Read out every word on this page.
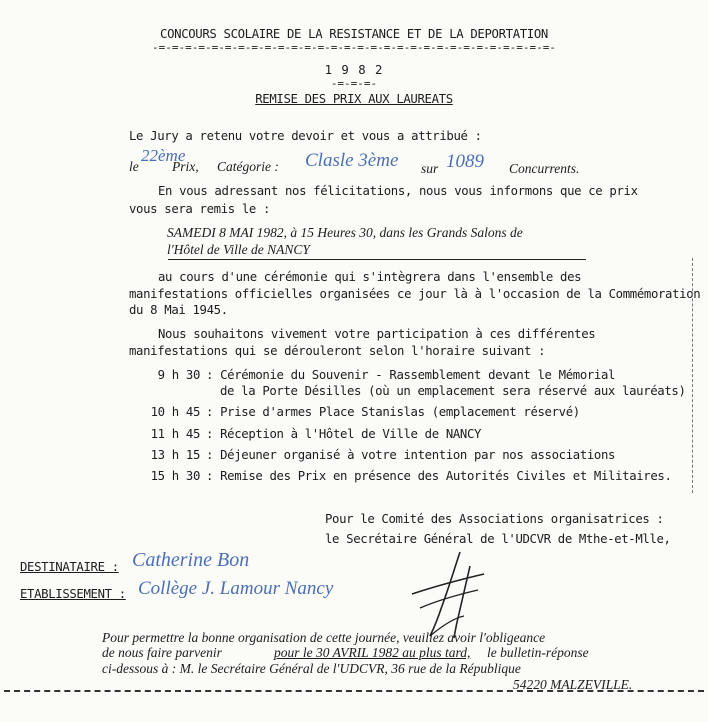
CONCOURS SCOLAIRE DE LA RESISTANCE ET DE LA DEPORTATION
-=-=-=-=-=-=-=-=-=-=-=-=-=-=-=-=-=-=-=-=-=-=-=-=-=-=-=-=-=-=-
1 9 8 2
-=-=-=-
REMISE DES PRIX AUX LAUREATS
Le Jury a retenu votre devoir et vous a attribué :
le
22ème
Prix, Catégorie : Clasle 3ème sur 1089 Concurrents.
En vous adressant nos félicitations, nous vous informons que ce prix
vous sera remis le :
SAMEDI 8 MAI 1982, à 15 Heures 30, dans les Grands Salons de
l'Hôtel de Ville de NANCY
au cours d'une cérémonie qui s'intègrera dans l'ensemble des
manifestations officielles organisées ce jour là à l'occasion de la Commémoration
du 8 Mai 1945.
Nous souhaitons vivement votre participation à ces différentes
manifestations qui se dérouleront selon l'horaire suivant :
9 h 30 : Cérémonie du Souvenir - Rassemblement devant le Mémorial
de la Porte Désilles (où un emplacement sera réservé aux lauréats)
10 h 45 : Prise d'armes Place Stanislas (emplacement réservé)
11 h 45 : Réception à l'Hôtel de Ville de NANCY
13 h 15 : Déjeuner organisé à votre intention par nos associations
15 h 30 : Remise des Prix en présence des Autorités Civiles et Militaires.
Pour le Comité des Associations organisatrices :
le Secrétaire Général de l'UDCVR de Mthe-et-Mlle,
DESTINATAIRE : Catherine Bon
ETABLISSEMENT : Collège J. Lamour Nancy
Pour permettre la bonne organisation de cette journée, veuillez avoir l'obligeance
de nous faire parvenir	pour le 30 AVRIL 1982 au plus tard, le bulletin-réponse
ci-dessous à : M. le Secrétaire Général de l'UDCVR, 36 rue de la République
54220 MALZEVILLE.
